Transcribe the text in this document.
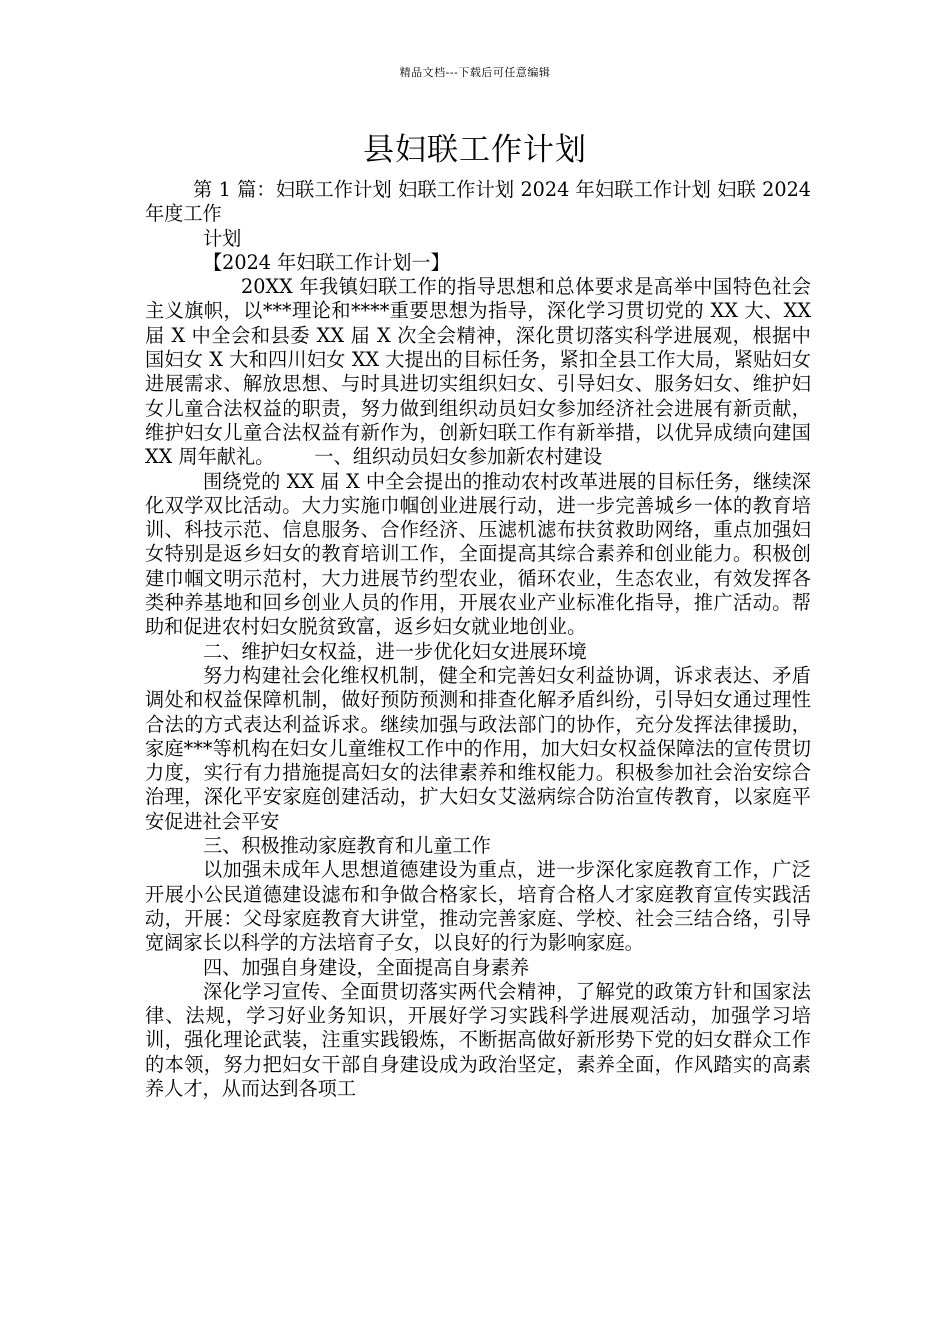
精品文档---下载后可任意编辑
县妇联工作计划

第 1 篇：妇联工作计划 妇联工作计划 2024 年妇联工作计划 妇联 2024 年度工作

计划

【2024 年妇联工作计划一】

20XX 年我镇妇联工作的指导思想和总体要求是高举中国特色社会主义旗帜，以***理论和****重要思想为指导，深化学习贯切党的 XX 大、XX 届 X 中全会和县委 XX 届 X 次全会精神，深化贯切落实科学进展观，根据中国妇女 X 大和四川妇女 XX 大提出的目标任务，紧扣全县工作大局，紧贴妇女进展需求、解放思想、与时具进切实组织妇女、引导妇女、服务妇女、维护妇女儿童合法权益的职责，努力做到组织动员妇女参加经济社会进展有新贡献，维护妇女儿童合法权益有新作为，创新妇联工作有新举措，以优异成绩向建国 XX 周年献礼。 一、组织动员妇女参加新农村建设

围绕党的 XX 届 X 中全会提出的推动农村改革进展的目标任务，继续深化双学双比活动。大力实施巾帼创业进展行动，进一步完善城乡一体的教育培训、科技示范、信息服务、合作经济、压滤机滤布扶贫救助网络，重点加强妇女特别是返乡妇女的教育培训工作，全面提高其综合素养和创业能力。积极创建巾帼文明示范村，大力进展节约型农业，循环农业，生态农业，有效发挥各类种养基地和回乡创业人员的作用，开展农业产业标准化指导，推广活动。帮助和促进农村妇女脱贫致富，返乡妇女就业地创业。

二、维护妇女权益，进一步优化妇女进展环境

努力构建社会化维权机制，健全和完善妇女利益协调，诉求表达、矛盾调处和权益保障机制，做好预防预测和排查化解矛盾纠纷，引导妇女通过理性合法的方式表达利益诉求。继续加强与政法部门的协作，充分发挥法律援助，家庭***等机构在妇女儿童维权工作中的作用，加大妇女权益保障法的宣传贯切力度，实行有力措施提高妇女的法律素养和维权能力。积极参加社会治安综合治理，深化平安家庭创建活动，扩大妇女艾滋病综合防治宣传教育，以家庭平安促进社会平安

三、积极推动家庭教育和儿童工作

以加强未成年人思想道德建设为重点，进一步深化家庭教育工作，广泛开展小公民道德建设滤布和争做合格家长，培育合格人才家庭教育宣传实践活动，开展：父母家庭教育大讲堂，推动完善家庭、学校、社会三结合络，引导宽阔家长以科学的方法培育子女，以良好的行为影响家庭。

四、加强自身建设，全面提高自身素养

深化学习宣传、全面贯切落实两代会精神，了解党的政策方针和国家法律、法规，学习好业务知识，开展好学习实践科学进展观活动，加强学习培训，强化理论武装，注重实践锻炼，不断据高做好新形势下党的妇女群众工作的本领，努力把妇女干部自身建设成为政治坚定，素养全面，作风踏实的高素养人才，从而达到各项工
